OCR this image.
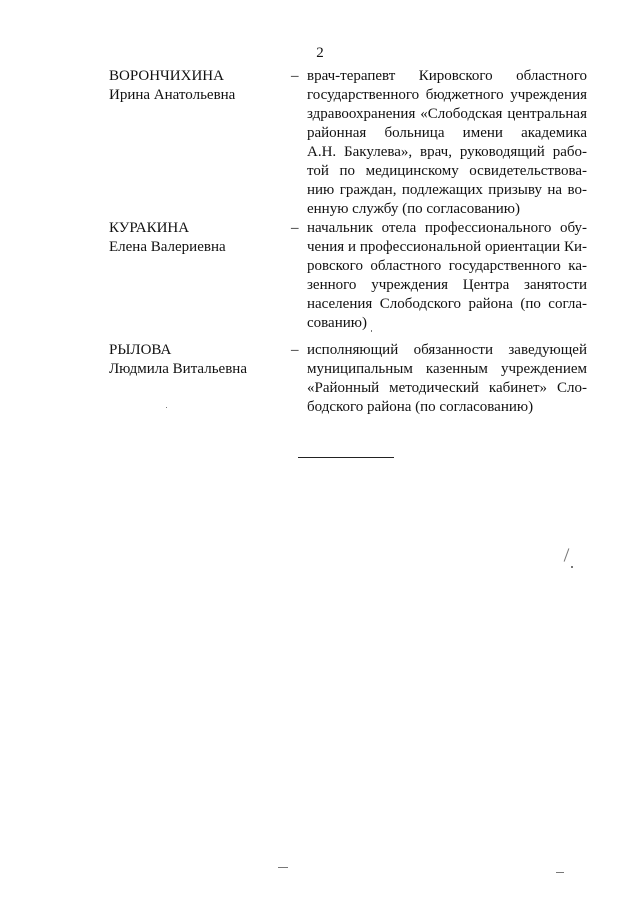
2
ВОРОНЧИХИНА
Ирина Анатольевна
– врач-терапевт Кировского областного
государственного бюджетного учреждения
здравоохранения «Слободская центральная
районная больница имени академика
А.Н. Бакулева», врач, руководящий рабо-
той по медицинскому освидетельствова-
нию граждан, подлежащих призыву на во-
енную службу (по согласованию)
КУРАКИНА
Елена Валериевна
– начальник отела профессионального обу-
чения и профессиональной ориентации Ки-
ровского областного государственного ка-
зенного учреждения Центра занятости
населения Слободского района (по согла-
сованию)
РЫЛОВА
Людмила Витальевна
– исполняющий обязанности заведующей
муниципальным казенным учреждением
«Районный методический кабинет» Сло-
бодского района (по согласованию)
